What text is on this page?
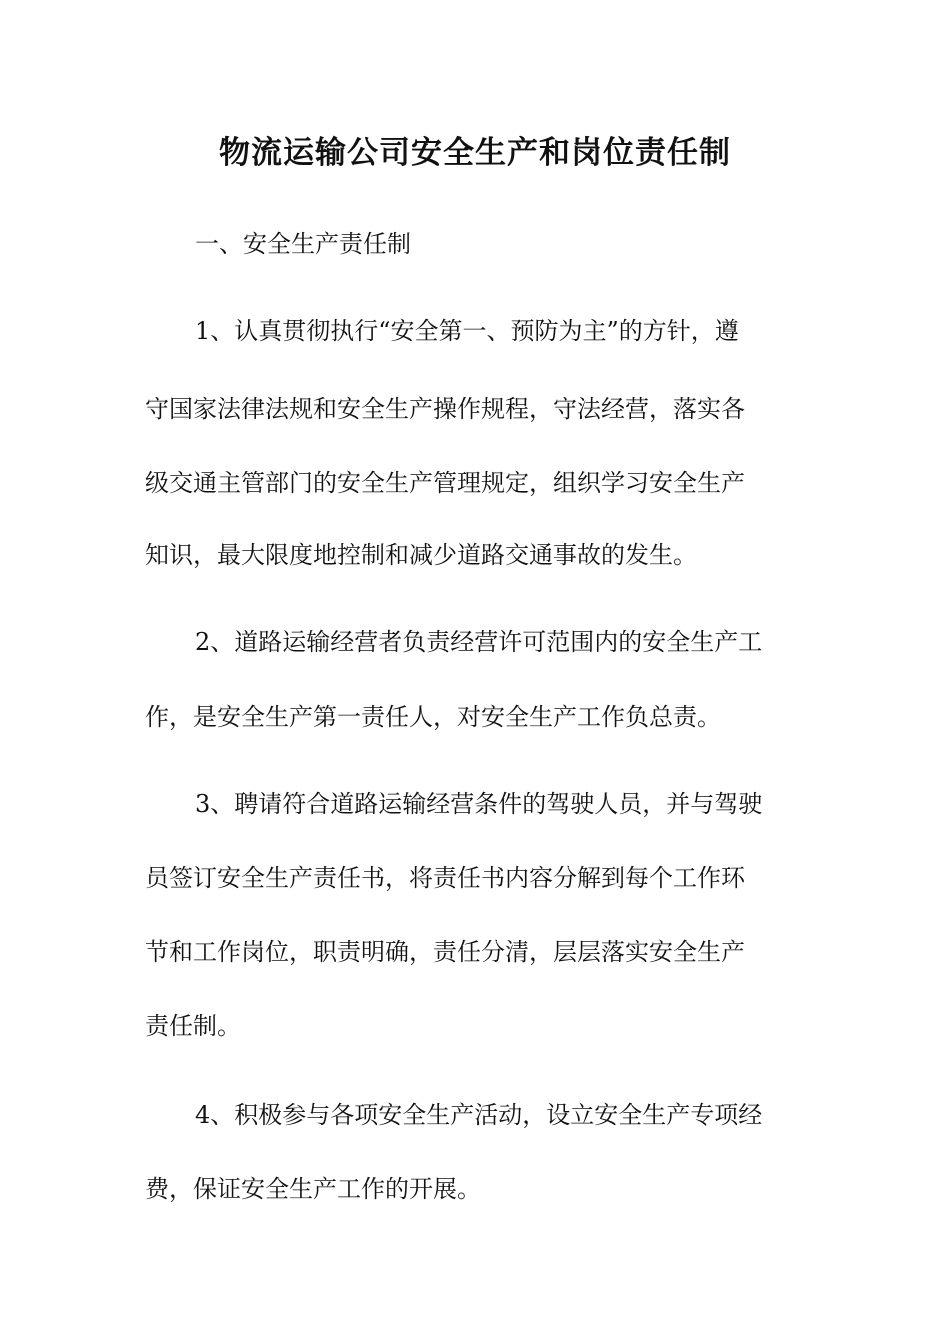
物流运输公司安全生产和岗位责任制

一、安全生产责任制

1、认真贯彻执行“安全第一、预防为主”的方针，遵

守国家法律法规和安全生产操作规程，守法经营，落实各

级交通主管部门的安全生产管理规定，组织学习安全生产

知识，最大限度地控制和减少道路交通事故的发生。

2、道路运输经营者负责经营许可范围内的安全生产工

作，是安全生产第一责任人，对安全生产工作负总责。

3、聘请符合道路运输经营条件的驾驶人员，并与驾驶

员签订安全生产责任书，将责任书内容分解到每个工作环

节和工作岗位，职责明确，责任分清，层层落实安全生产

责任制。

4、积极参与各项安全生产活动，设立安全生产专项经

费，保证安全生产工作的开展。
